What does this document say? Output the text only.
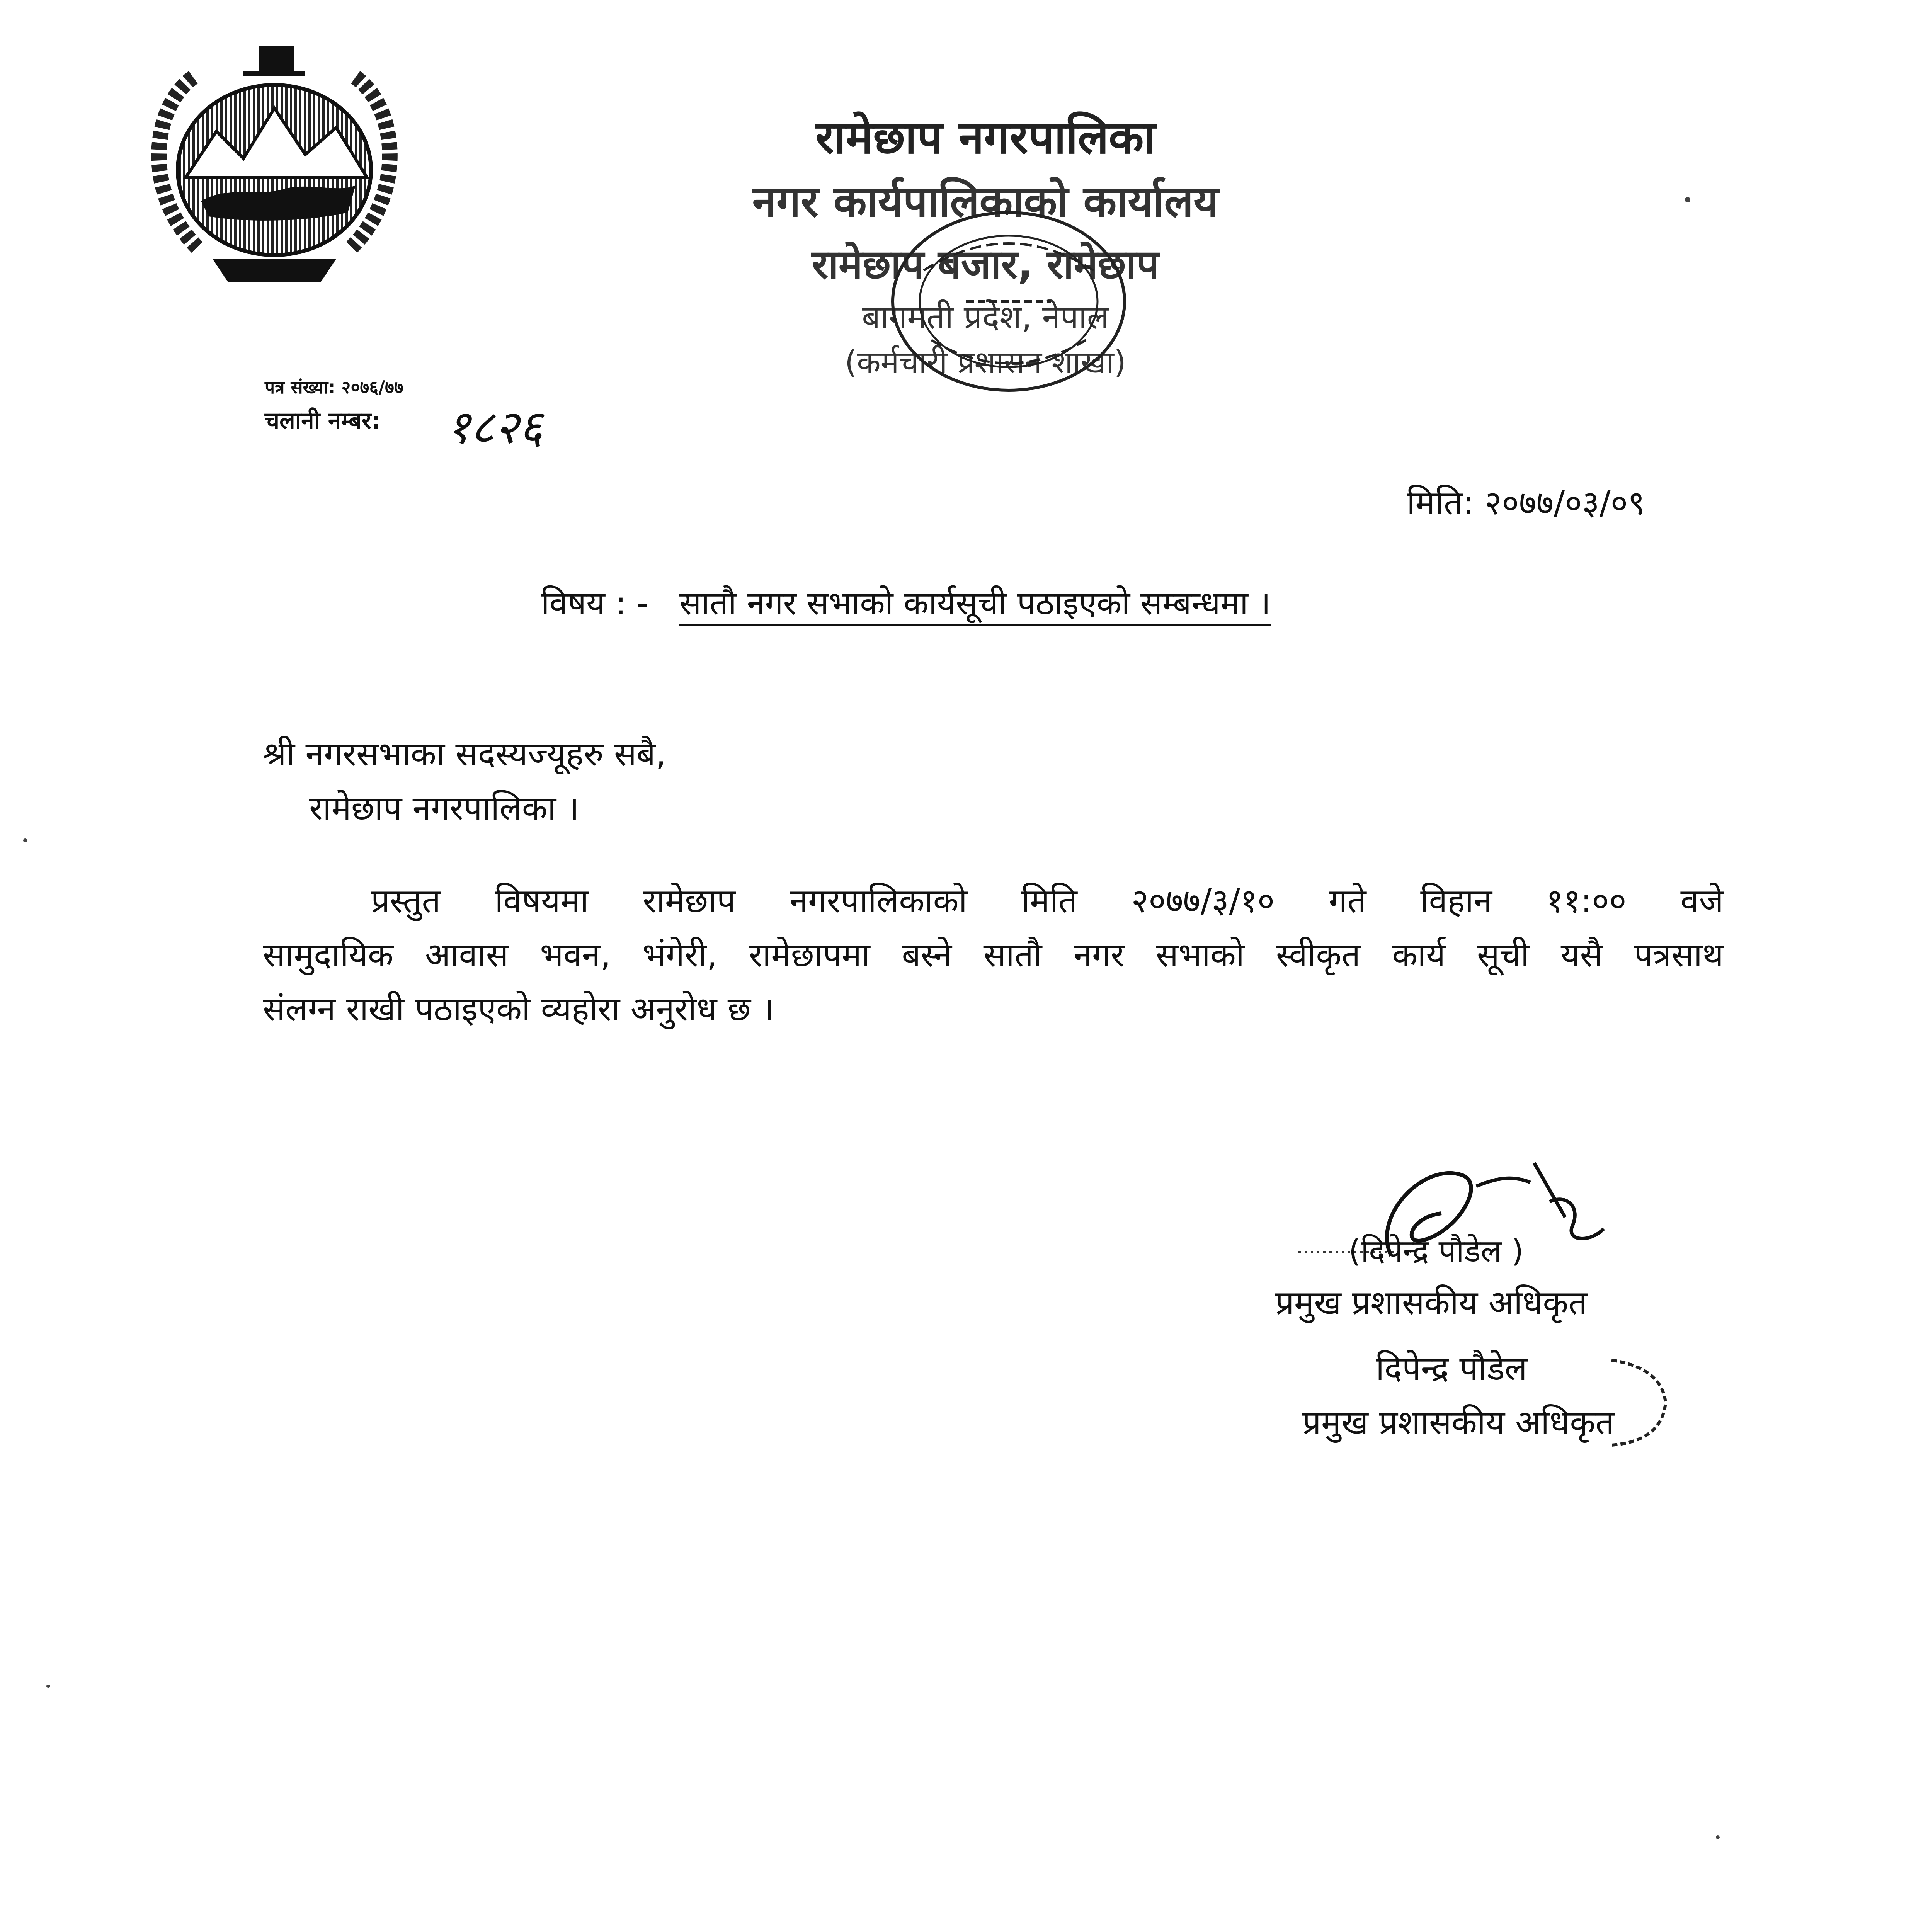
रामेछाप नगरपालिका
नगर कार्यपालिकाको कार्यालय
रामेछाप बजार, रामेछाप
बागमती प्रदेश, नेपाल
(कर्मचारी प्रशासन शाखा)
पत्र संख्या: २०७६/७७
चलानी नम्बर: १८२६
मिति: २०७७/०३/०९
विषय : - सातौ नगर सभाको कार्यसूची पठाइएको सम्बन्धमा ।
श्री नगरसभाका सदस्यज्यूहरु सबै,
रामेछाप नगरपालिका ।
प्रस्तुत विषयमा रामेछाप नगरपालिकाको मिति २०७७/३/१० गते विहान ११:०० वजे
सामुदायिक आवास भवन, भंगेरी, रामेछापमा बस्ने सातौ नगर सभाको स्वीकृत कार्य सूची यसै पत्रसाथ
संलग्न राखी पठाइएको व्यहोरा अनुरोध छ ।
(दिपेन्द्र पौडेल )
प्रमुख प्रशासकीय अधिकृत
दिपेन्द्र पौडेल
प्रमुख प्रशासकीय अधिकृत
